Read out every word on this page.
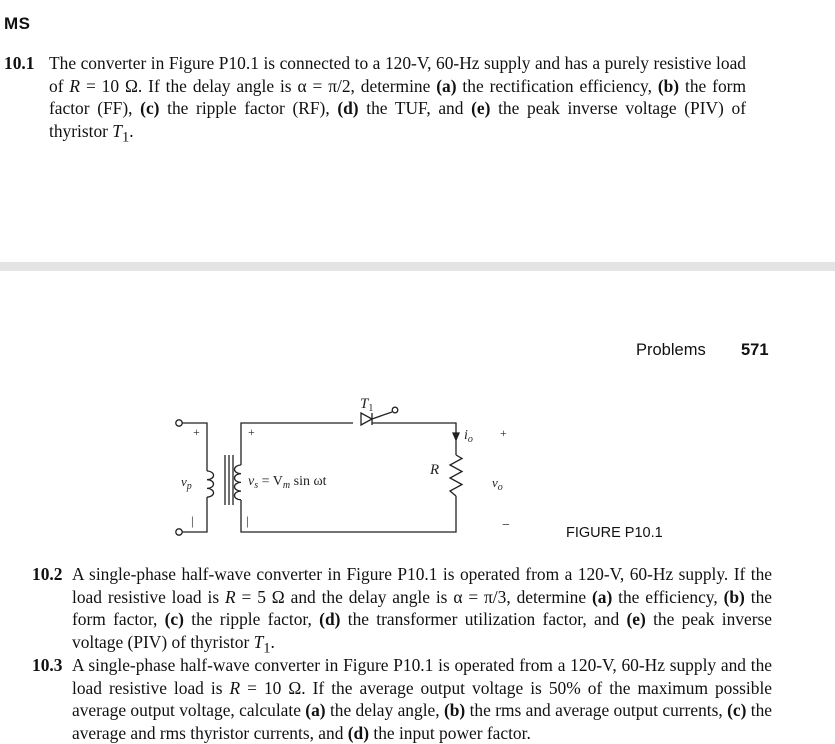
MS
10.1 The converter in Figure P10.1 is connected to a 120-V, 60-Hz supply and has a purely resistive load of R = 10 Ω. If the delay angle is α = π/2, determine (a) the rectification efficiency, (b) the form factor (FF), (c) the ripple factor (RF), (d) the TUF, and (e) the peak inverse voltage (PIV) of thyristor $T_1$.
Problems 571
+
|
+
|
+
−
$v_p$	$v_s = V_m$ sin ωt
$T_1$
R
$i_o$
$v_o$
FIGURE P10.1
10.2 A single-phase half-wave converter in Figure P10.1 is operated from a 120-V, 60-Hz supply. If the load resistive load is R = 5 Ω and the delay angle is α = π/3, determine (a) the efficiency, (b) the form factor, (c) the ripple factor, (d) the transformer utilization factor, and (e) the peak inverse voltage (PIV) of thyristor $T_1$.
10.3 A single-phase half-wave converter in Figure P10.1 is operated from a 120-V, 60-Hz supply and the load resistive load is R = 10 Ω. If the average output voltage is 50% of the maximum possible average output voltage, calculate (a) the delay angle, (b) the rms and average output currents, (c) the average and rms thyristor currents, and (d) the input power factor.
